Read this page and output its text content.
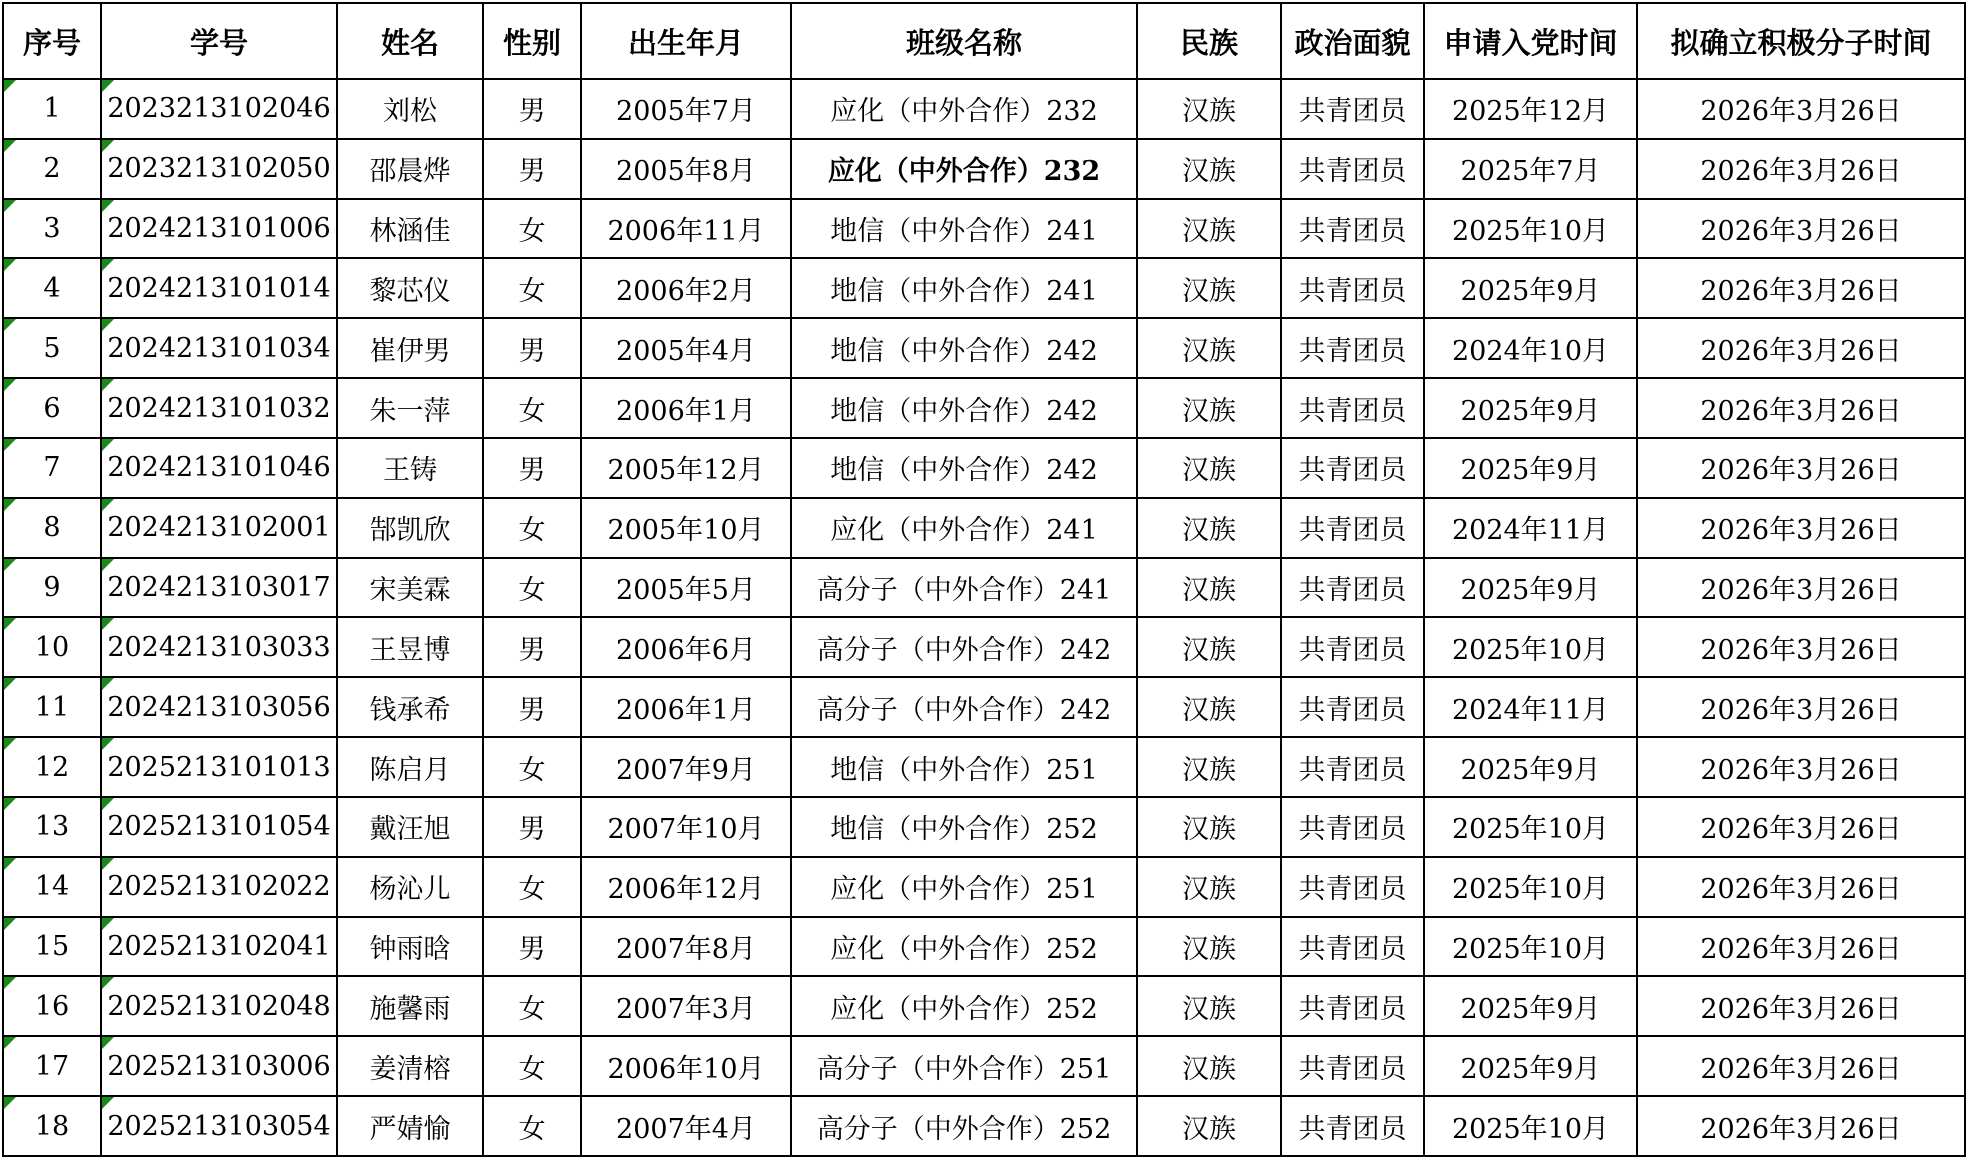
序号	学号	姓名	性别	出生年月	班级名称	民族	政治面貌	申请入党时间	拟确立积极分子时间
1	2023213102046	刘松	男	2005年7月	应化（中外合作）232	汉族	共青团员	2025年12月	2026年3月26日
2	2023213102050	邵晨烨	男	2005年8月	应化（中外合作）232	汉族	共青团员	2025年7月	2026年3月26日
3	2024213101006	林涵佳	女	2006年11月	地信（中外合作）241	汉族	共青团员	2025年10月	2026年3月26日
4	2024213101014	黎芯仪	女	2006年2月	地信（中外合作）241	汉族	共青团员	2025年9月	2026年3月26日
5	2024213101034	崔伊男	男	2005年4月	地信（中外合作）242	汉族	共青团员	2024年10月	2026年3月26日
6	2024213101032	朱一萍	女	2006年1月	地信（中外合作）242	汉族	共青团员	2025年9月	2026年3月26日
7	2024213101046	王铸	男	2005年12月	地信（中外合作）242	汉族	共青团员	2025年9月	2026年3月26日
8	2024213102001	郜凯欣	女	2005年10月	应化（中外合作）241	汉族	共青团员	2024年11月	2026年3月26日
9	2024213103017	宋美霖	女	2005年5月	高分子（中外合作）241	汉族	共青团员	2025年9月	2026年3月26日
10	2024213103033	王昱博	男	2006年6月	高分子（中外合作）242	汉族	共青团员	2025年10月	2026年3月26日
11	2024213103056	钱承希	男	2006年1月	高分子（中外合作）242	汉族	共青团员	2024年11月	2026年3月26日
12	2025213101013	陈启月	女	2007年9月	地信（中外合作）251	汉族	共青团员	2025年9月	2026年3月26日
13	2025213101054	戴汪旭	男	2007年10月	地信（中外合作）252	汉族	共青团员	2025年10月	2026年3月26日
14	2025213102022	杨沁儿	女	2006年12月	应化（中外合作）251	汉族	共青团员	2025年10月	2026年3月26日
15	2025213102041	钟雨晗	男	2007年8月	应化（中外合作）252	汉族	共青团员	2025年10月	2026年3月26日
16	2025213102048	施馨雨	女	2007年3月	应化（中外合作）252	汉族	共青团员	2025年9月	2026年3月26日
17	2025213103006	姜清榕	女	2006年10月	高分子（中外合作）251	汉族	共青团员	2025年9月	2026年3月26日
18	2025213103054	严婧愉	女	2007年4月	高分子（中外合作）252	汉族	共青团员	2025年10月	2026年3月26日
